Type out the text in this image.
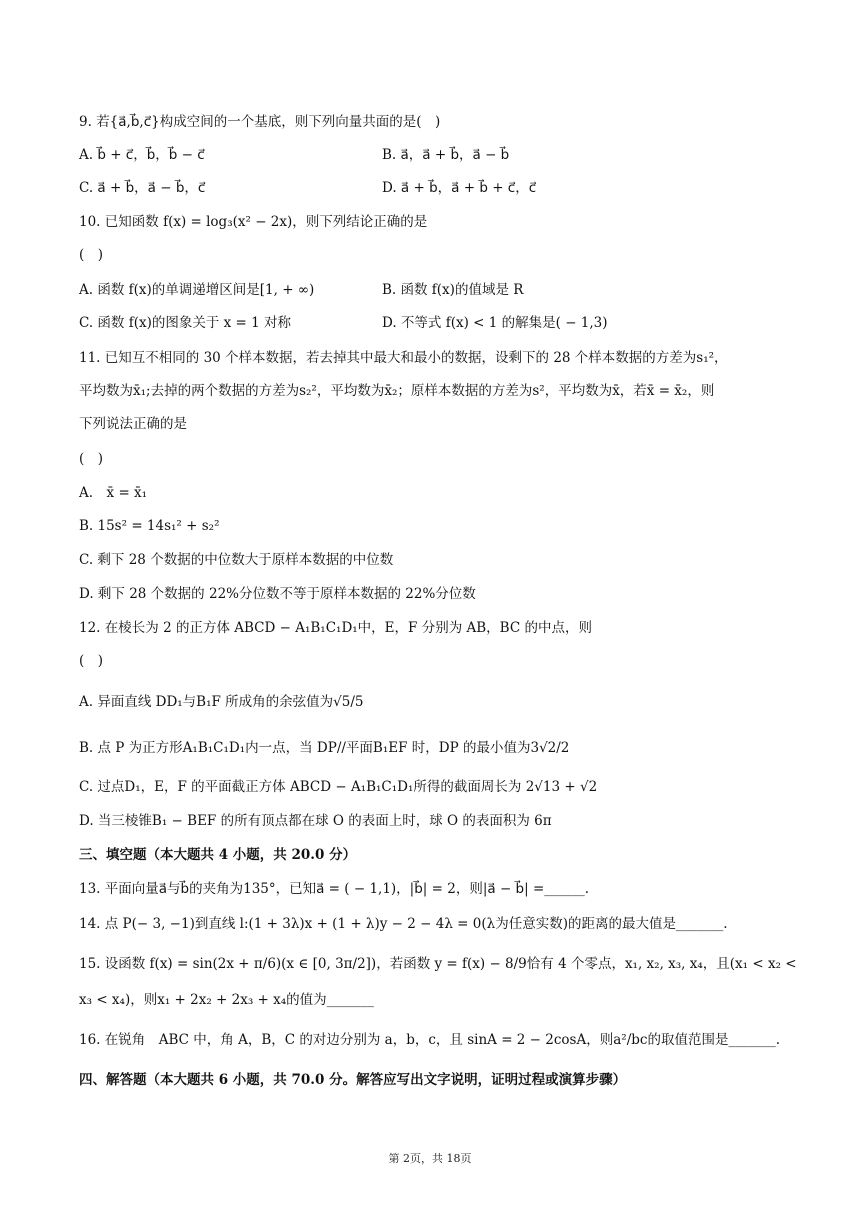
9. 若{a⃗,b⃗,c⃗}构成空间的一个基底，则下列向量共面的是(　)
A. b⃗ + c⃗，b⃗，b⃗ − c⃗	B. a⃗，a⃗ + b⃗，a⃗ − b⃗
C. a⃗ + b⃗，a⃗ − b⃗，c⃗	D. a⃗ + b⃗，a⃗ + b⃗ + c⃗，c⃗
10. 已知函数 f(x) = log₃(x² − 2x)，则下列结论正确的是
(　)
A. 函数 f(x)的单调递增区间是[1, + ∞)	B. 函数 f(x)的值域是 R
C. 函数 f(x)的图象关于 x = 1 对称	D. 不等式 f(x) < 1 的解集是( − 1,3)
11. 已知互不相同的 30 个样本数据，若去掉其中最大和最小的数据，设剩下的 28 个样本数据的方差为s₁²，
平均数为x̄₁;去掉的两个数据的方差为s₂²，平均数为x̄₂；原样本数据的方差为s²，平均数为x̄，若x̄ = x̄₂，则
下列说法正确的是
(　)
A.　x̄ = x̄₁
B. 15s² = 14s₁² + s₂²
C. 剩下 28 个数据的中位数大于原样本数据的中位数
D. 剩下 28 个数据的 22%分位数不等于原样本数据的 22%分位数
12. 在棱长为 2 的正方体 ABCD − A₁B₁C₁D₁中，E，F 分别为 AB，BC 的中点，则
(　)
A. 异面直线 DD₁与B₁F 所成角的余弦值为√5/5
B. 点 P 为正方形A₁B₁C₁D₁内一点，当 DP//平面B₁EF 时，DP 的最小值为3√2/2
C. 过点D₁，E，F 的平面截正方体 ABCD − A₁B₁C₁D₁所得的截面周长为 2√13 + √2
D. 当三棱锥B₁ − BEF 的所有顶点都在球 O 的表面上时，球 O 的表面积为 6π
三、填空题（本大题共 4 小题，共 20.0 分）
13. 平面向量a⃗与b⃗的夹角为135°，已知a⃗ = ( − 1,1)，|b⃗| = 2，则|a⃗ − b⃗| =______.
14. 点 P(− 3, −1)到直线 l:(1 + 3λ)x + (1 + λ)y − 2 − 4λ = 0(λ为任意实数)的距离的最大值是_______.
15. 设函数 f(x) = sin(2x + π/6)(x ∈ [0, 3π/2])，若函数 y = f(x) − 8/9恰有 4 个零点，x₁, x₂, x₃, x₄，且(x₁ < x₂ <
x₃ < x₄)，则x₁ + 2x₂ + 2x₃ + x₄的值为_______
16. 在锐角　ABC 中，角 A，B，C 的对边分别为 a，b，c，且 sinA = 2 − 2cosA，则a²/bc的取值范围是_______.
四、解答题（本大题共 6 小题，共 70.0 分。解答应写出文字说明，证明过程或演算步骤）
第 2页，共 18页
